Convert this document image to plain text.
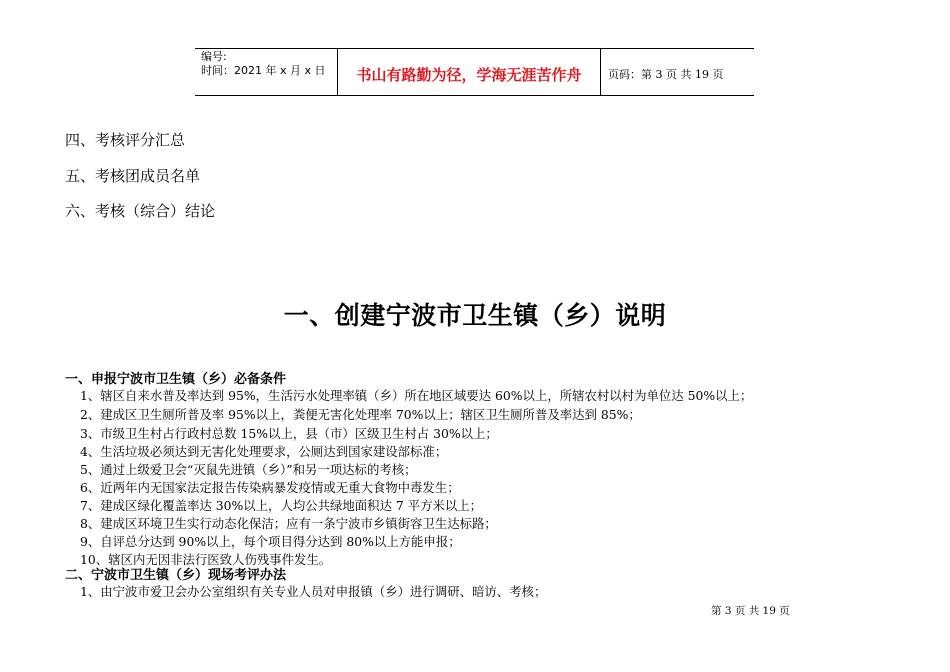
编号:
时间：2021 年 x 月 x 日	书山有路勤为径，学海无涯苦作舟	页码：第 3 页 共 19 页
四、考核评分汇总
五、考核团成员名单
六、考核（综合）结论
一、创建宁波市卫生镇（乡）说明
一、申报宁波市卫生镇（乡）必备条件
1、辖区自来水普及率达到 95%，生活污水处理率镇（乡）所在地区域要达 60%以上，所辖农村以村为单位达 50%以上；
2、建成区卫生厕所普及率 95%以上，粪便无害化处理率 70%以上；辖区卫生厕所普及率达到 85%；
3、市级卫生村占行政村总数 15%以上，县（市）区级卫生村占 30%以上；
4、生活垃圾必须达到无害化处理要求，公厕达到国家建设部标准；
5、通过上级爱卫会“灭鼠先进镇（乡）”和另一项达标的考核；
6、近两年内无国家法定报告传染病暴发疫情或无重大食物中毒发生；
7、建成区绿化覆盖率达 30%以上，人均公共绿地面积达 7 平方米以上；
8、建成区环境卫生实行动态化保洁；应有一条宁波市乡镇街容卫生达标路；
9、自评总分达到 90%以上，每个项目得分达到 80%以上方能申报；
10、辖区内无因非法行医致人伤残事件发生。
二、宁波市卫生镇（乡）现场考评办法
1、由宁波市爱卫会办公室组织有关专业人员对申报镇（乡）进行调研、暗访、考核；
第 3 页 共 19 页
